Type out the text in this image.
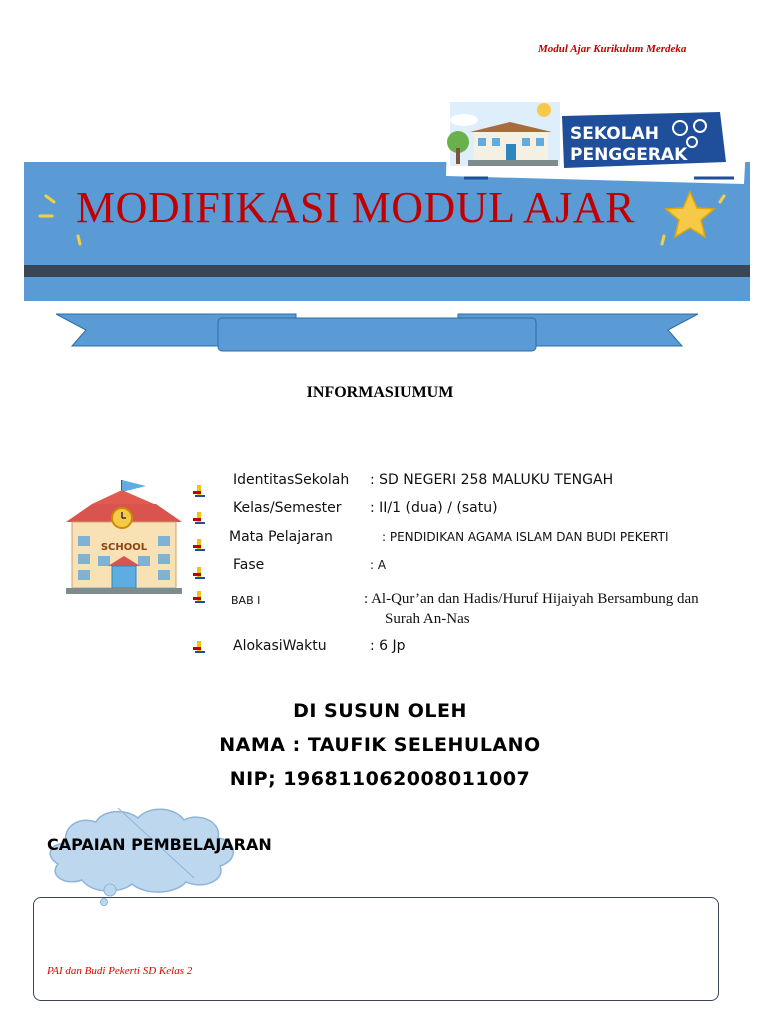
Modul Ajar Kurikulum Merdeka
MODIFIKASI MODUL AJAR
SEKOLAH
PENGGERAK
INFORMASIUMUM
SCHOOL
IdentitasSekolah : SD NEGERI 258 MALUKU TENGAH
Kelas/Semester : II/1 (dua) / (satu)
Mata Pelajaran	: PENDIDIKAN AGAMA ISLAM DAN BUDI PEKERTI
Fase	: A
BAB I	: Al-Qur’an dan Hadis/Huruf Hijaiyah Bersambung dan
Surah An-Nas
AlokasiWaktu	: 6 Jp
DI SUSUN OLEH
NAMA : TAUFIK SELEHULANO
NIP; 196811062008011007
CAPAIAN PEMBELAJARAN
PAI dan Budi Pekerti SD Kelas 2
